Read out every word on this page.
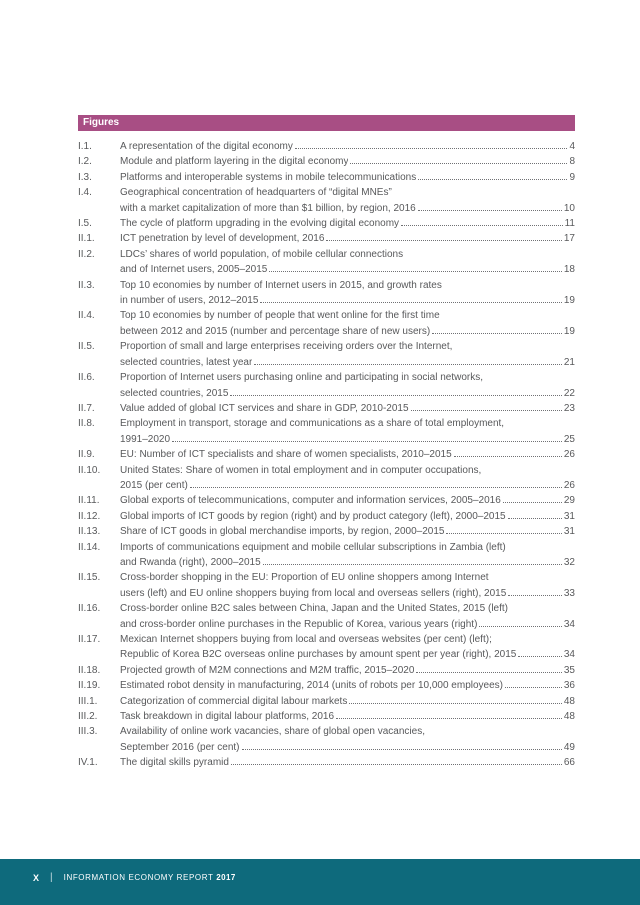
Figures
I.1.	A representation of the digital economy	4
I.2.	Module and platform layering in the digital economy	8
I.3.	Platforms and interoperable systems in mobile telecommunications	9
I.4.	Geographical concentration of headquarters of “digital MNEs”
with a market capitalization of more than $1 billion, by region, 2016	10
I.5.	The cycle of platform upgrading in the evolving digital economy	11
II.1.	ICT penetration by level of development, 2016	17
II.2.	LDCs’ shares of world population, of mobile cellular connections
and of Internet users, 2005–2015	18
II.3.	Top 10 economies by number of Internet users in 2015, and growth rates
in number of users, 2012–2015	19
II.4.	Top 10 economies by number of people that went online for the first time
between 2012 and 2015 (number and percentage share of new users)	19
II.5.	Proportion of small and large enterprises receiving orders over the Internet,
selected countries, latest year	21
II.6.	Proportion of Internet users purchasing online and participating in social networks,
selected countries, 2015	22
II.7.	Value added of global ICT services and share in GDP, 2010-2015	23
II.8.	Employment in transport, storage and communications as a share of total employment,
1991–2020	25
II.9.	EU: Number of ICT specialists and share of women specialists, 2010–2015	26
II.10.	United States: Share of women in total employment and in computer occupations,
2015 (per cent)	26
II.11.	Global exports of telecommunications, computer and information services, 2005–2016	29
II.12.	Global imports of ICT goods by region (right) and by product category (left), 2000–2015	31
II.13.	Share of ICT goods in global merchandise imports, by region, 2000–2015	31
II.14.	Imports of communications equipment and mobile cellular subscriptions in Zambia (left)
and Rwanda (right), 2000–2015	32
II.15.	Cross-border shopping in the EU: Proportion of EU online shoppers among Internet
users (left) and EU online shoppers buying from local and overseas sellers (right), 2015	33
II.16.	Cross-border online B2C sales between China, Japan and the United States, 2015 (left)
and cross-border online purchases in the Republic of Korea, various years (right)	34
II.17.	Mexican Internet shoppers buying from local and overseas websites (per cent) (left);
Republic of Korea B2C overseas online purchases by amount spent per year (right), 2015	34
II.18.	Projected growth of M2M connections and M2M traffic, 2015–2020	35
II.19.	Estimated robot density in manufacturing, 2014 (units of robots per 10,000 employees)	36
III.1.	Categorization of commercial digital labour markets	48
III.2.	Task breakdown in digital labour platforms, 2016	48
III.3.	Availability of online work vacancies, share of global open vacancies,
September 2016 (per cent)	49
IV.1.	The digital skills pyramid	66
X | INFORMATION ECONOMY REPORT 2017
